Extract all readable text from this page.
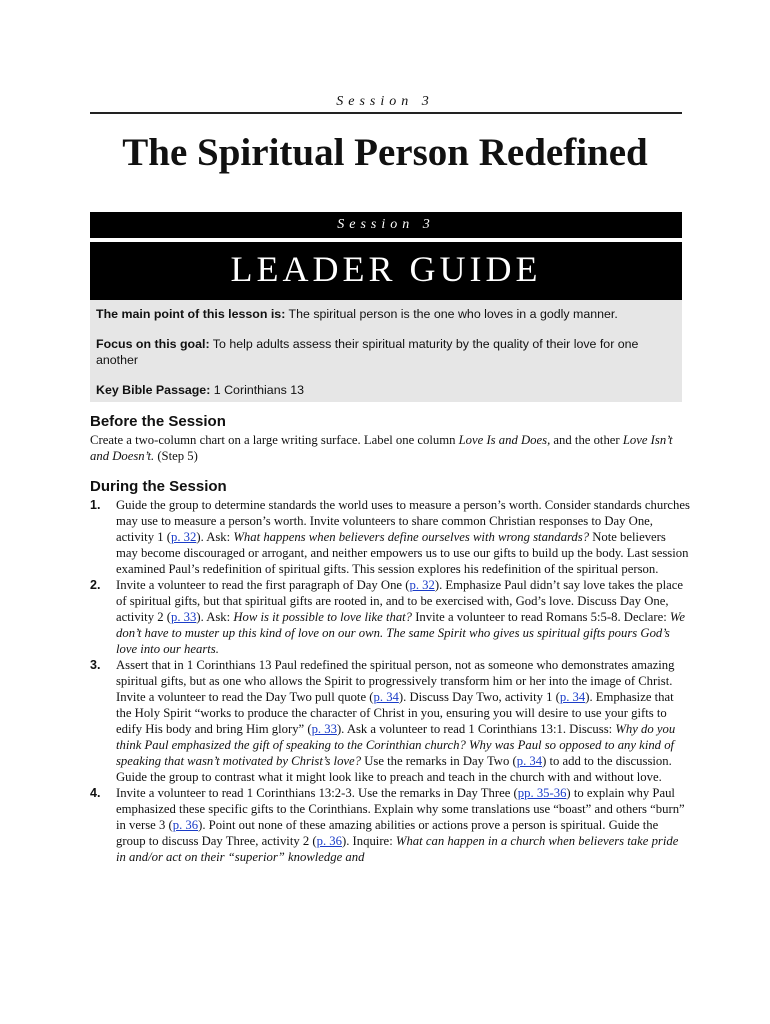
Session 3
The Spiritual Person Redefined
Session 3
LEADER GUIDE

The main point of this lesson is: The spiritual person is the one who loves in a godly manner.

Focus on this goal: To help adults assess their spiritual maturity by the quality of their love for one another

Key Bible Passage: 1 Corinthians 13

Before the Session
Create a two-column chart on a large writing surface. Label one column Love Is and Does, and the other Love Isn’t and Doesn’t. (Step 5)
During the Session
1. Guide the group to determine standards the world uses to measure a person’s worth. Consider standards churches may use to measure a person’s worth. Invite volunteers to share common Christian responses to Day One, activity 1 (p. 32). Ask: What happens when believers define ourselves with wrong standards? Note believers may become discouraged or arrogant, and neither empowers us to use our gifts to build up the body. Last session examined Paul’s redefinition of spiritual gifts. This session explores his redefinition of the spiritual person.
2. Invite a volunteer to read the first paragraph of Day One (p. 32). Emphasize Paul didn’t say love takes the place of spiritual gifts, but that spiritual gifts are rooted in, and to be exercised with, God’s love. Discuss Day One, activity 2 (p. 33). Ask: How is it possible to love like that? Invite a volunteer to read Romans 5:5-8. Declare: We don’t have to muster up this kind of love on our own. The same Spirit who gives us spiritual gifts pours God’s love into our hearts.
3. Assert that in 1 Corinthians 13 Paul redefined the spiritual person, not as someone who demonstrates amazing spiritual gifts, but as one who allows the Spirit to progressively transform him or her into the image of Christ. Invite a volunteer to read the Day Two pull quote (p. 34). Discuss Day Two, activity 1 (p. 34). Emphasize that the Holy Spirit “works to produce the character of Christ in you, ensuring you will desire to use your gifts to edify His body and bring Him glory” (p. 33). Ask a volunteer to read 1 Corinthians 13:1. Discuss: Why do you think Paul emphasized the gift of speaking to the Corinthian church? Why was Paul so opposed to any kind of speaking that wasn’t motivated by Christ’s love? Use the remarks in Day Two (p. 34) to add to the discussion. Guide the group to contrast what it might look like to preach and teach in the church with and without love.
4. Invite a volunteer to read 1 Corinthians 13:2-3. Use the remarks in Day Three (pp. 35-36) to explain why Paul emphasized these specific gifts to the Corinthians. Explain why some translations use “boast” and others “burn” in verse 3 (p. 36). Point out none of these amazing abilities or actions prove a person is spiritual. Guide the group to discuss Day Three, activity 2 (p. 36). Inquire: What can happen in a church when believers take pride in and/or act on their “superior” knowledge and
